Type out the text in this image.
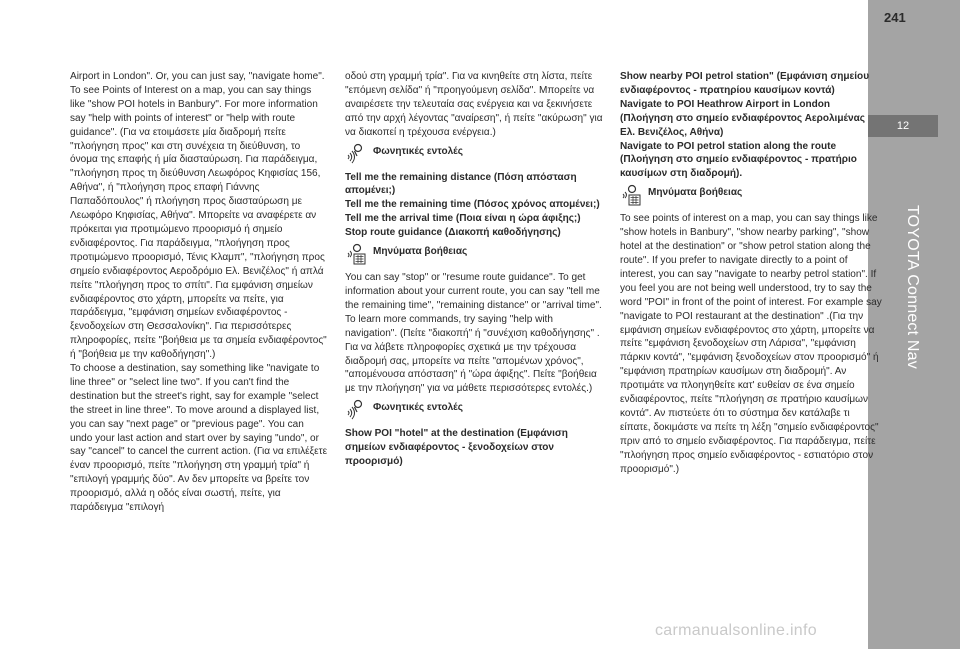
12
TOYOTA Connect Nav
241

Airport in London". Or, you can just say, "navigate home". To see Points of Interest on a map, you can say things like "show POI hotels in Banbury". For more information say "help with points of interest" or "help with route guidance". (Για να ετοιμάσετε μία διαδρομή πείτε "πλοήγηση προς" και στη συνέχεια τη διεύθυνση, το όνομα της επαφής ή μία διασταύρωση. Για παράδειγμα, "πλοήγηση προς τη διεύθυνση Λεωφόρος Κηφισίας 156, Αθήνα", ή "πλοήγηση προς επαφή Γιάννης Παπαδόπουλος" ή πλοήγηση προς διασταύρωση με Λεωφόρο Κηφισίας, Αθήνα". Μπορείτε να αναφέρετε αν πρόκειται για προτιμώμενο προορισμό ή σημείο ενδιαφέροντος. Για παράδειγμα, "πλοήγηση προς προτιμώμενο προορισμό, Τένις Κλαμπ", "πλοήγηση προς σημείο ενδιαφέροντος Αεροδρόμιο Ελ. Βενιζέλος" ή απλά πείτε "πλοήγηση προς το σπίτι". Για εμφάνιση σημείων ενδιαφέροντος στο χάρτη, μπορείτε να πείτε, για παράδειγμα, "εμφάνιση σημείων ενδιαφέροντος - ξενοδοχείων στη Θεσσαλονίκη". Για περισσότερες πληροφορίες, πείτε "βοήθεια με τα σημεία ενδιαφέροντος" ή "βοήθεια με την καθοδήγηση".)

To choose a destination, say something like "navigate to line three" or "select line two". If you can't find the destination but the street's right, say for example "select the street in line three". To move around a displayed list, you can say "next page" or "previous page". You can undo your last action and start over by saying "undo", or say "cancel" to cancel the current action. (Για να επιλέξετε έναν προορισμό, πείτε "πλοήγηση στη γραμμή τρία" ή "επιλογή γραμμής δύο". Αν δεν μπορείτε να βρείτε τον προορισμό, αλλά η οδός είναι σωστή, πείτε, για παράδειγμα "επιλογή

οδού στη γραμμή τρία". Για να κινηθείτε στη λίστα, πείτε "επόμενη σελίδα" ή "προηγούμενη σελίδα". Μπορείτε να αναιρέσετε την τελευταία σας ενέργεια και να ξεκινήσετε από την αρχή λέγοντας "αναίρεση", ή πείτε "ακύρωση" για να διακοπεί η τρέχουσα ενέργεια.)

Φωνητικές εντολές

Tell me the remaining distance (Πόση απόσταση απομένει;)

Tell me the remaining time (Πόσος χρόνος απομένει;)

Tell me the arrival time (Ποια είναι η ώρα άφιξης;)

Stop route guidance (Διακοπή καθοδήγησης)

Μηνύματα βοήθειας

You can say "stop" or "resume route guidance". To get information about your current route, you can say "tell me the remaining time", "remaining distance" or "arrival time". To learn more commands, try saying "help with navigation". (Πείτε "διακοπή" ή "συνέχιση καθοδήγησης" . Για να λάβετε πληροφορίες σχετικά με την τρέχουσα διαδρομή σας, μπορείτε να πείτε "απομένων χρόνος", "απομένουσα απόσταση" ή "ώρα άφιξης". Πείτε "βοήθεια με την πλοήγηση" για να μάθετε περισσότερες εντολές.)

Φωνητικές εντολές

Show POI "hotel" at the destination (Εμφάνιση σημείων ενδιαφέροντος - ξενοδοχείων στον προορισμό)

Show nearby POI petrol station" (Εμφάνιση σημείου ενδιαφέροντος - πρατηρίου καυσίμων κοντά)

Navigate to POI Heathrow Airport in London (Πλοήγηση στο σημείο ενδιαφέροντος Αερολιμένας Ελ. Βενιζέλος, Αθήνα)

Navigate to POI petrol station along the route (Πλοήγηση στο σημείο ενδιαφέροντος - πρατήριο καυσίμων στη διαδρομή).

Μηνύματα βοήθειας

To see points of interest on a map, you can say things like "show hotels in Banbury", "show nearby parking", "show hotel at the destination" or "show petrol station along the route". If you prefer to navigate directly to a point of interest, you can say "navigate to nearby petrol station". If you feel you are not being well understood, try to say the word "POI" in front of the point of interest. For example say "navigate to POI restaurant at the destination" .(Για την εμφάνιση σημείων ενδιαφέροντος στο χάρτη, μπορείτε να πείτε "εμφάνιση ξενοδοχείων στη Λάρισα", "εμφάνιση πάρκιν κοντά", "εμφάνιση ξενοδοχείων στον προορισμό" ή "εμφάνιση πρατηρίων καυσίμων στη διαδρομή". Αν προτιμάτε να πλοηγηθείτε κατ' ευθείαν σε ένα σημείο ενδιαφέροντος, πείτε "πλοήγηση σε πρατήριο καυσίμων κοντά". Αν πιστεύετε ότι το σύστημα δεν κατάλαβε τι είπατε, δοκιμάστε να πείτε τη λέξη "σημείο ενδιαφέροντος" πριν από το σημείο ενδιαφέροντος. Για παράδειγμα, πείτε "πλοήγηση προς σημείο ενδιαφέροντος - εστιατόριο στον προορισμό".)

carmanualsonline.info
